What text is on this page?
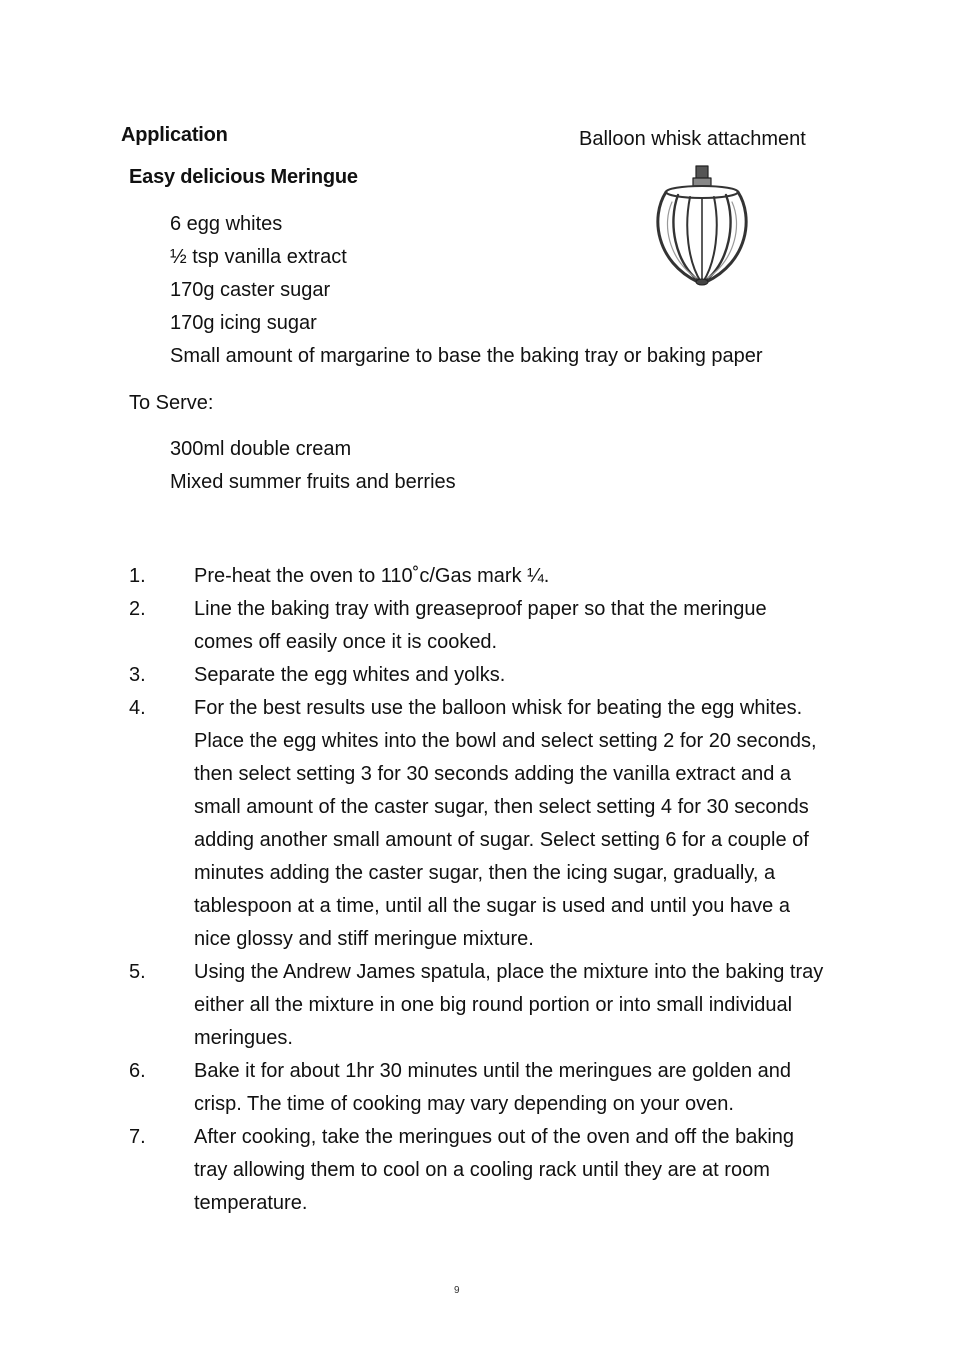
Application	Balloon whisk attachment
Easy delicious Meringue
6 egg whites
½ tsp vanilla extract
170g caster sugar
170g icing sugar
Small amount of margarine to base the baking tray or baking paper
To Serve:
300ml double cream
Mixed summer fruits and berries
1. Pre-heat the oven to 110˚c/Gas mark ¼.
2. Line the baking tray with greaseproof paper so that the meringue comes off easily once it is cooked.
3. Separate the egg whites and yolks.
4. For the best results use the balloon whisk for beating the egg whites. Place the egg whites into the bowl and select setting 2 for 20 seconds, then select setting 3 for 30 seconds adding the vanilla extract and a small amount of the caster sugar, then select setting 4 for 30 seconds adding another small amount of sugar. Select setting 6 for a couple of minutes adding the caster sugar, then the icing sugar, gradually, a tablespoon at a time, until all the sugar is used and until you have a nice glossy and stiff meringue mixture.
5. Using the Andrew James spatula, place the mixture into the baking tray either all the mixture in one big round portion or into small individual meringues.
6. Bake it for about 1hr 30 minutes until the meringues are golden and crisp. The time of cooking may vary depending on your oven.
7. After cooking, take the meringues out of the oven and off the baking tray allowing them to cool on a cooling rack until they are at room temperature.
9
